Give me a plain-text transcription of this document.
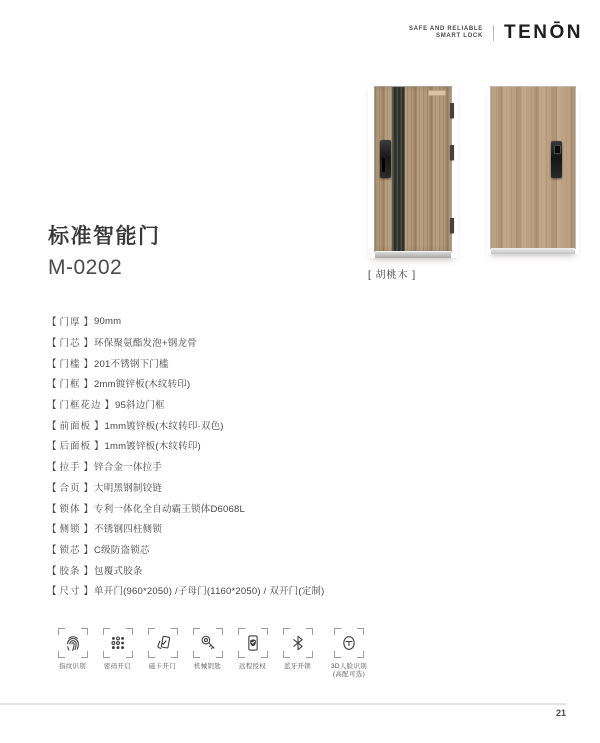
SAFE AND RELIABLE
SMART LOCK TENŌN
[ 胡桃木 ]
标准智能门
M-0202
【 门厚 】 90mm
【 门芯 】 环保聚氨酯发泡+钢龙骨
【 门槛 】 201不锈钢下门槛
【 门框 】 2mm镀锌板(木纹转印)
【 门框花边 】 95斜边门框
【 前面板 】 1mm镀锌板(木纹转印·双色)
【 后面板 】 1mm镀锌板(木纹转印)
【 拉手 】 锌合金一体拉手
【 合页 】 大明黑钢制铰链
【 锁体 】 专利一体化全自动霸王锁体D6068L
【 侧锁 】 不锈钢四柱侧锁
【 锁芯 】 C级防盗锁芯
【 胶条 】 包覆式胶条
【 尺寸 】 单开门(960*2050) /子母门(1160*2050) / 双开门(定制)
指纹识别	密码开启	磁卡开门	机械钥匙	远程授权	蓝牙开锁	3D人脸识别
(高配可选)
21
